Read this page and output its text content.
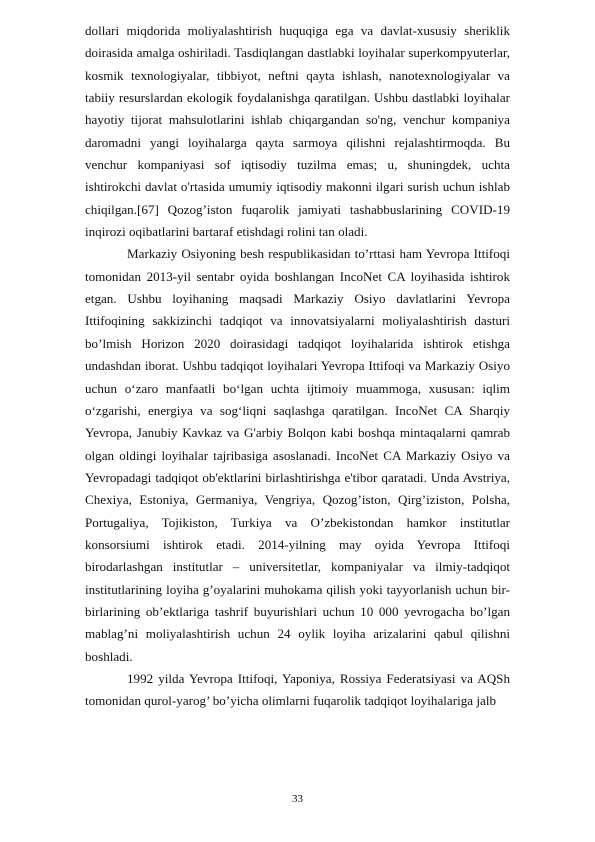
dollari miqdorida moliyalashtirish huquqiga ega va davlat-xususiy sheriklik doirasida amalga oshiriladi. Tasdiqlangan dastlabki loyihalar superkompyuterlar, kosmik texnologiyalar, tibbiyot, neftni qayta ishlash, nanotexnologiyalar va tabiiy resurslardan ekologik foydalanishga qaratilgan. Ushbu dastlabki loyihalar hayotiy tijorat mahsulotlarini ishlab chiqargandan so'ng, venchur kompaniya daromadni yangi loyihalarga qayta sarmoya qilishni rejalashtirmoqda. Bu venchur kompaniyasi sof iqtisodiy tuzilma emas; u, shuningdek, uchta ishtirokchi davlat o'rtasida umumiy iqtisodiy makonni ilgari surish uchun ishlab chiqilgan.[67] Qozog’iston fuqarolik jamiyati tashabbuslarining COVID-19 inqirozi oqibatlarini bartaraf etishdagi rolini tan oladi.

Markaziy Osiyoning besh respublikasidan to’rttasi ham Yevropa Ittifoqi tomonidan 2013-yil sentabr oyida boshlangan IncoNet CA loyihasida ishtirok etgan. Ushbu loyihaning maqsadi Markaziy Osiyo davlatlarini Yevropa Ittifoqining sakkizinchi tadqiqot va innovatsiyalarni moliyalashtirish dasturi bo’lmish Horizon 2020 doirasidagi tadqiqot loyihalarida ishtirok etishga undashdan iborat. Ushbu tadqiqot loyihalari Yevropa Ittifoqi va Markaziy Osiyo uchun o‘zaro manfaatli bo‘lgan uchta ijtimoiy muammoga, xususan: iqlim o‘zgarishi, energiya va sog‘liqni saqlashga qaratilgan. IncoNet CA Sharqiy Yevropa, Janubiy Kavkaz va G'arbiy Bolqon kabi boshqa mintaqalarni qamrab olgan oldingi loyihalar tajribasiga asoslanadi. IncoNet CA Markaziy Osiyo va Yevropadagi tadqiqot ob'ektlarini birlashtirishga e'tibor qaratadi. Unda Avstriya, Chexiya, Estoniya, Germaniya, Vengriya, Qozog’iston, Qirg’iziston, Polsha, Portugaliya, Tojikiston, Turkiya va O’zbekistondan hamkor institutlar konsorsiumi ishtirok etadi. 2014-yilning may oyida Yevropa Ittifoqi birodarlashgan institutlar – universitetlar, kompaniyalar va ilmiy-tadqiqot institutlarining loyiha g’oyalarini muhokama qilish yoki tayyorlanish uchun bir-birlarining ob’ektlariga tashrif buyurishlari uchun 10 000 yevrogacha bo’lgan mablag’ni moliyalashtirish uchun 24 oylik loyiha arizalarini qabul qilishni boshladi.

1992 yilda Yevropa Ittifoqi, Yaponiya, Rossiya Federatsiyasi va AQSh tomonidan qurol-yarog’ bo’yicha olimlarni fuqarolik tadqiqot loyihalariga jalb

33
